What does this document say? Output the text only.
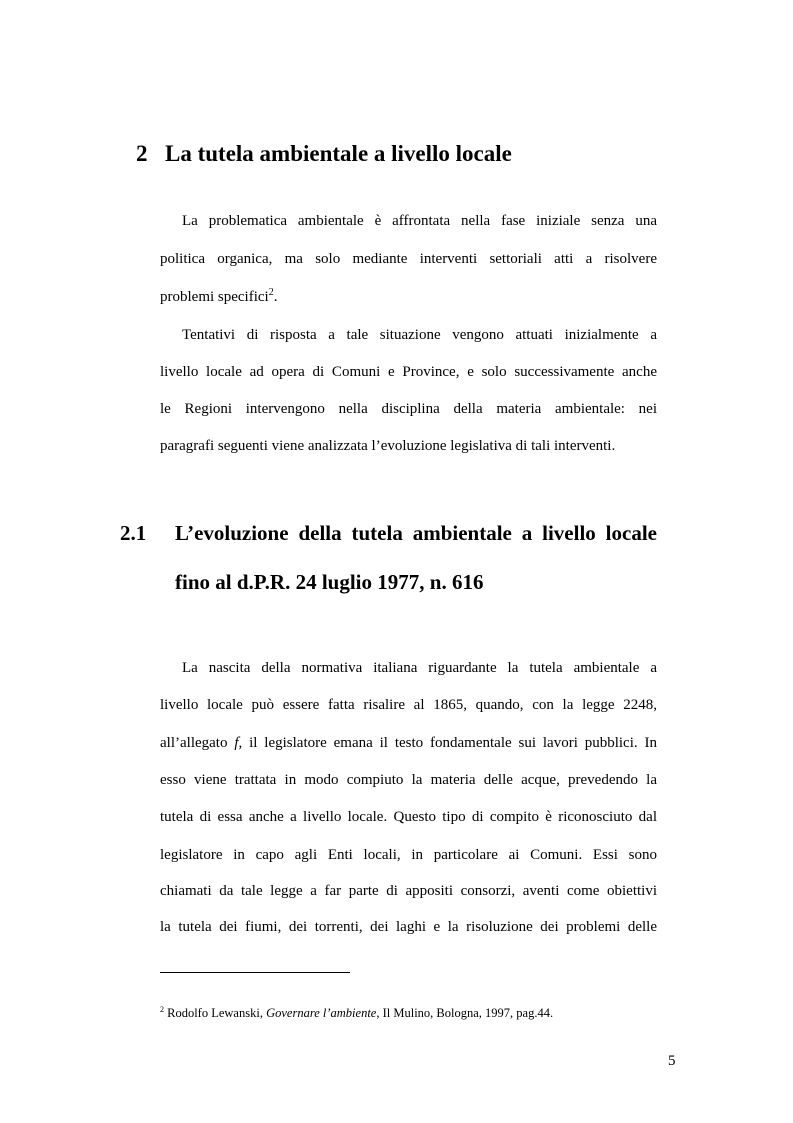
2 La tutela ambientale a livello locale
La problematica ambientale è affrontata nella fase iniziale senza una
politica organica, ma solo mediante interventi settoriali atti a risolvere
problemi specifici$^2$.
Tentativi di risposta a tale situazione vengono attuati inizialmente a
livello locale ad opera di Comuni e Province, e solo successivamente anche
le Regioni intervengono nella disciplina della materia ambientale: nei
paragrafi seguenti viene analizzata l’evoluzione legislativa di tali interventi.
2.1 L’evoluzione della tutela ambientale a livello locale
fino al d.P.R. 24 luglio 1977, n. 616
La nascita della normativa italiana riguardante la tutela ambientale a
livello locale può essere fatta risalire al 1865, quando, con la legge 2248,
all’allegato f, il legislatore emana il testo fondamentale sui lavori pubblici. In
esso viene trattata in modo compiuto la materia delle acque, prevedendo la
tutela di essa anche a livello locale. Questo tipo di compito è riconosciuto dal
legislatore in capo agli Enti locali, in particolare ai Comuni. Essi sono
chiamati da tale legge a far parte di appositi consorzi, aventi come obiettivi
la tutela dei fiumi, dei torrenti, dei laghi e la risoluzione dei problemi delle
$^2$ Rodolfo Lewanski, Governare l’ambiente, Il Mulino, Bologna, 1997, pag.44.
5
